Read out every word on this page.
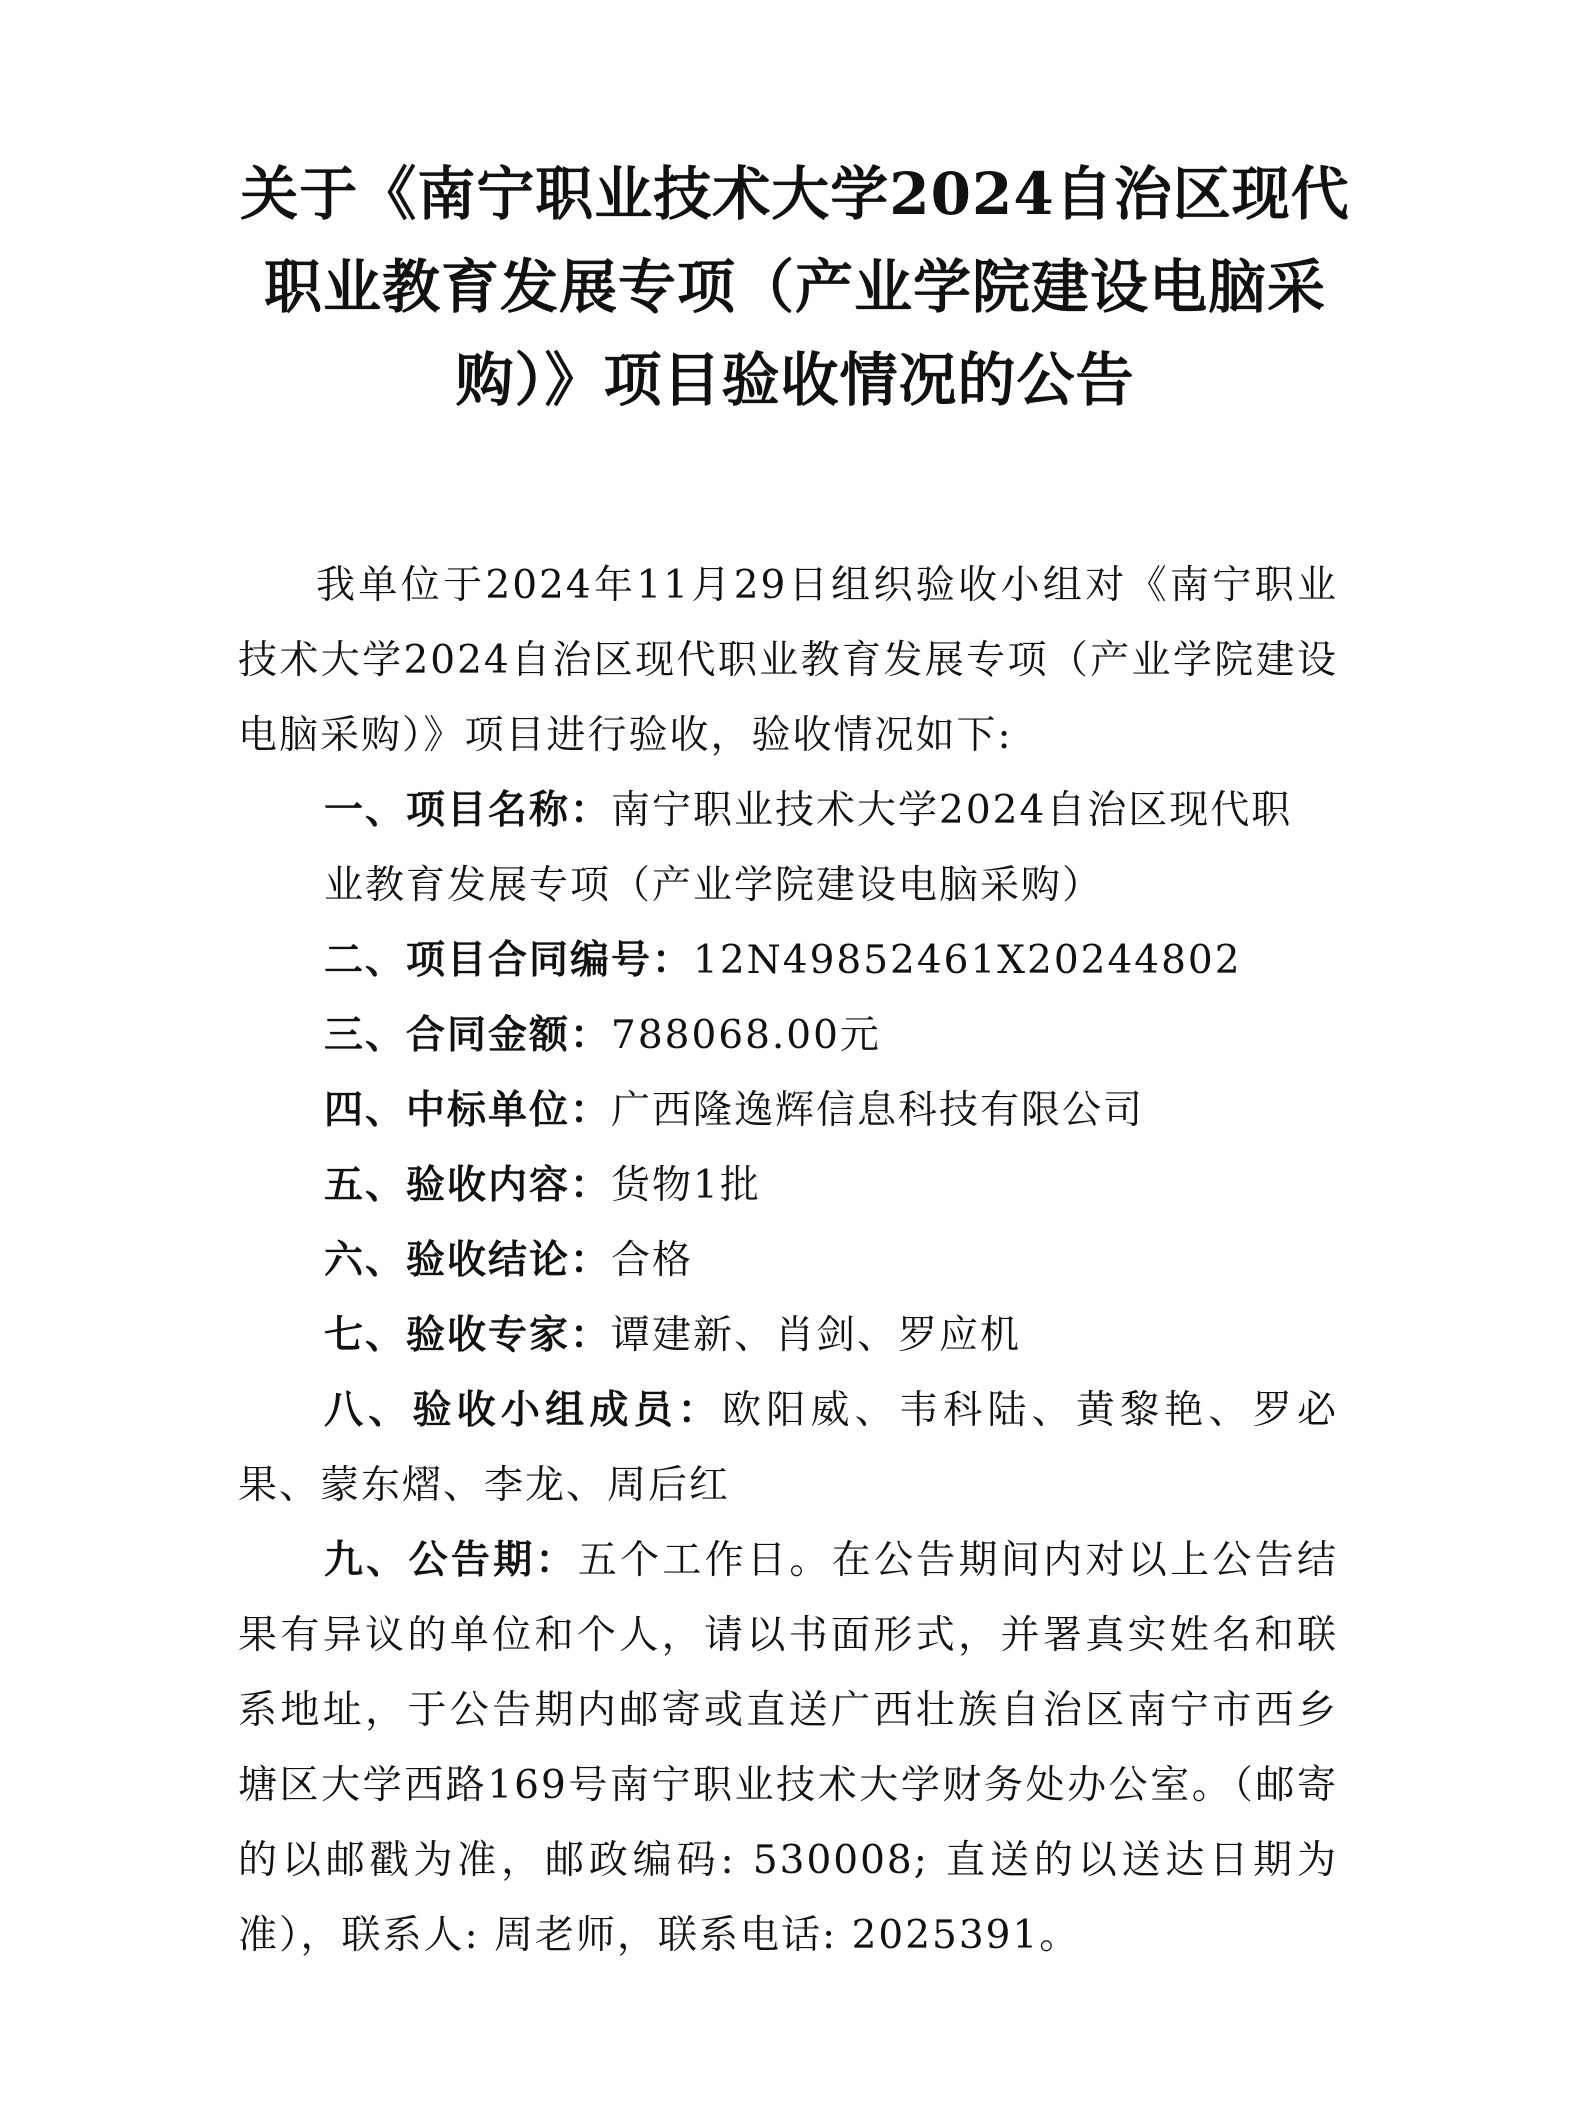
关于《南宁职业技术大学2024自治区现代
职业教育发展专项（产业学院建设电脑采
购）》项目验收情况的公告

我单位于2024年11月29日组织验收小组对《南宁职业技术大学2024自治区现代职业教育发展专项（产业学院建设电脑采购）》项目进行验收，验收情况如下:

一、项目名称：南宁职业技术大学2024自治区现代职

业教育发展专项（产业学院建设电脑采购）

二、项目合同编号：12N49852461X20244802

三、合同金额：788068.00元

四、中标单位：广西隆逸辉信息科技有限公司

五、验收内容：货物1批

六、验收结论：合格

七、验收专家：谭建新、肖剑、罗应机

八、验收小组成员：欧阳威、韦科陆、黄黎艳、罗必果、蒙东熠、李龙、周后红

九、公告期：五个工作日。在公告期间内对以上公告结果有异议的单位和个人，请以书面形式，并署真实姓名和联系地址，于公告期内邮寄或直送广西壮族自治区南宁市西乡塘区大学西路169号南宁职业技术大学财务处办公室。（邮寄的以邮戳为准，邮政编码: 530008; 直送的以送达日期为准），联系人: 周老师，联系电话: 2025391。
